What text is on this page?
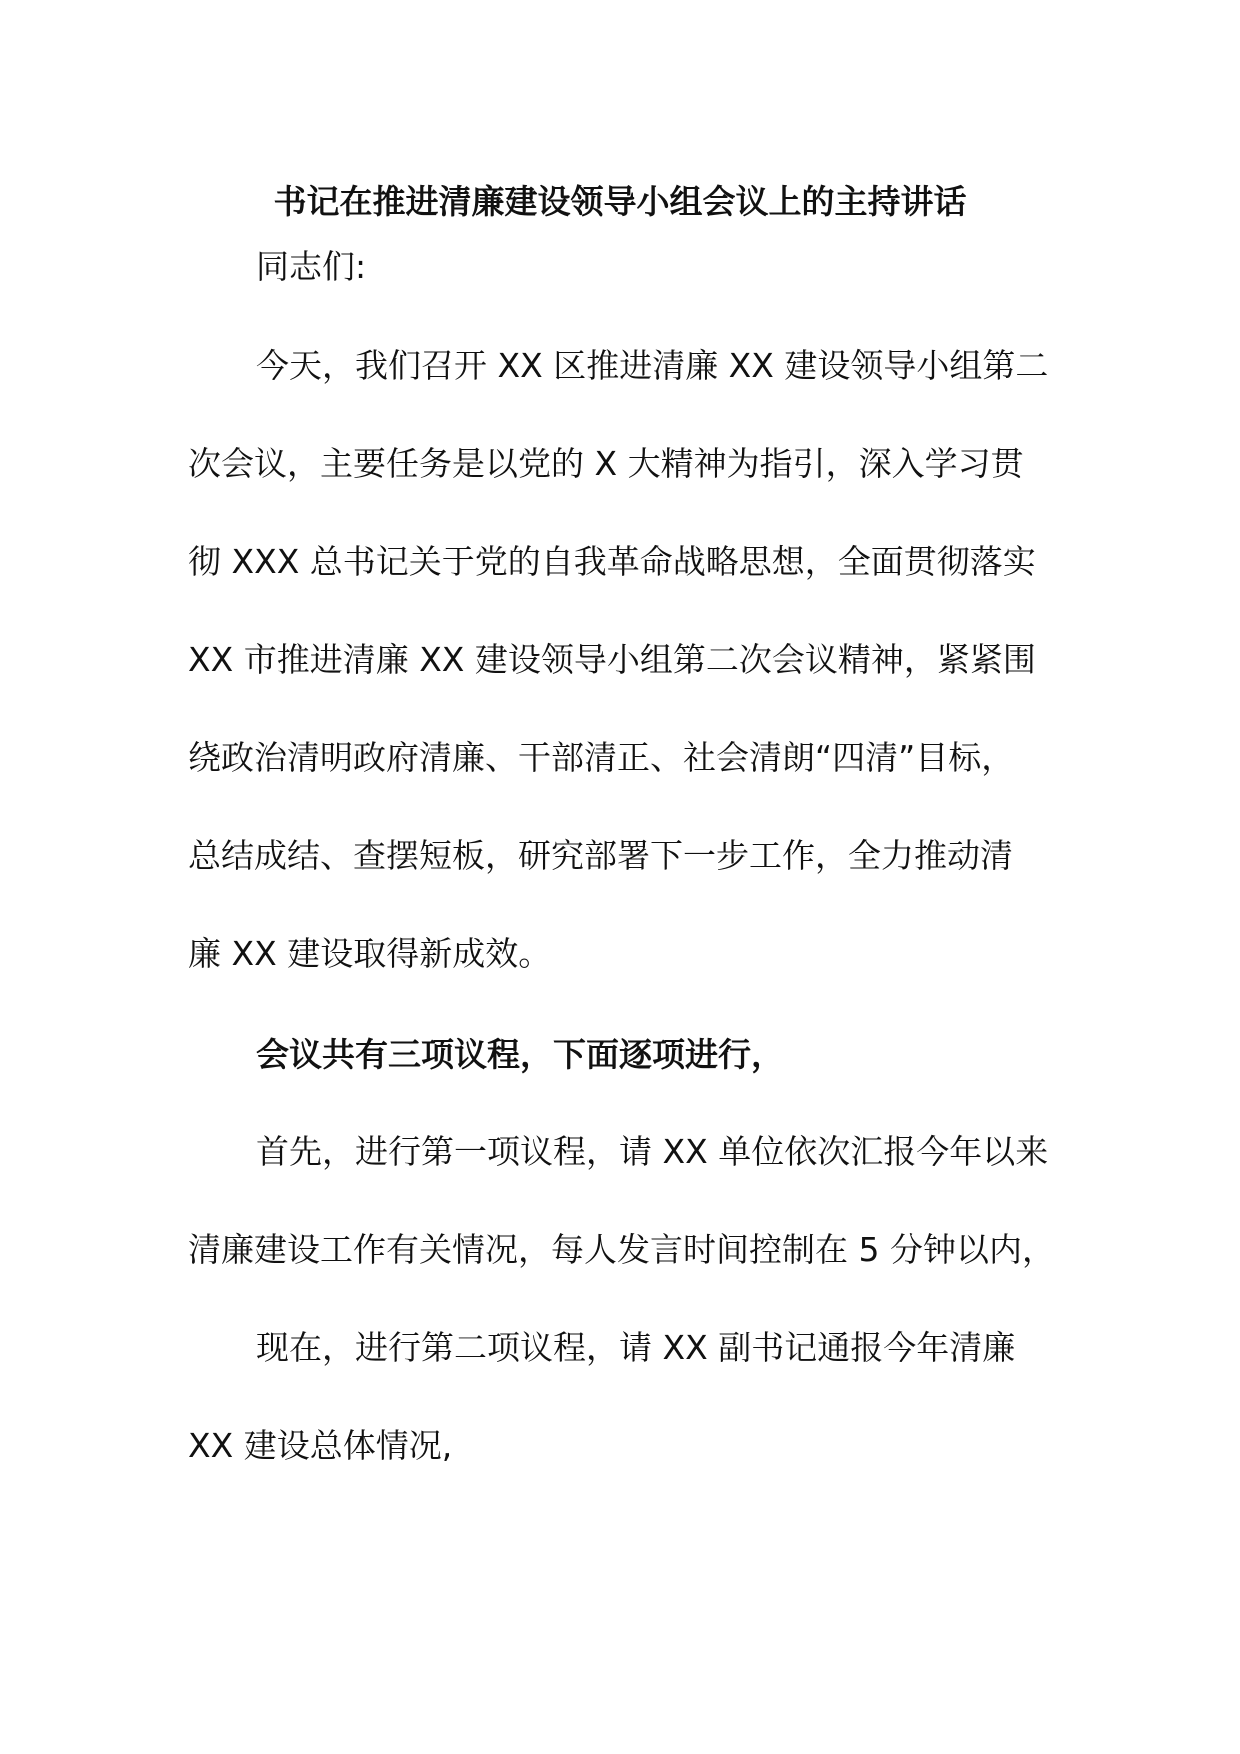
书记在推进清廉建设领导小组会议上的主持讲话
同志们:
今天，我们召开 XX 区推进清廉 XX 建设领导小组第二
次会议，主要任务是以党的 X 大精神为指引，深入学习贯
彻 XXX 总书记关于党的自我革命战略思想，全面贯彻落实
XX 市推进清廉 XX 建设领导小组第二次会议精神，紧紧围
绕政治清明政府清廉、干部清正、社会清朗“四清”目标，
总结成结、查摆短板，研究部署下一步工作，全力推动清
廉 XX 建设取得新成效。
会议共有三项议程，下面逐项进行，
首先，进行第一项议程，请 XX 单位依次汇报今年以来
清廉建设工作有关情况，每人发言时间控制在 5 分钟以内，
现在，进行第二项议程，请 XX 副书记通报今年清廉
XX 建设总体情况,
